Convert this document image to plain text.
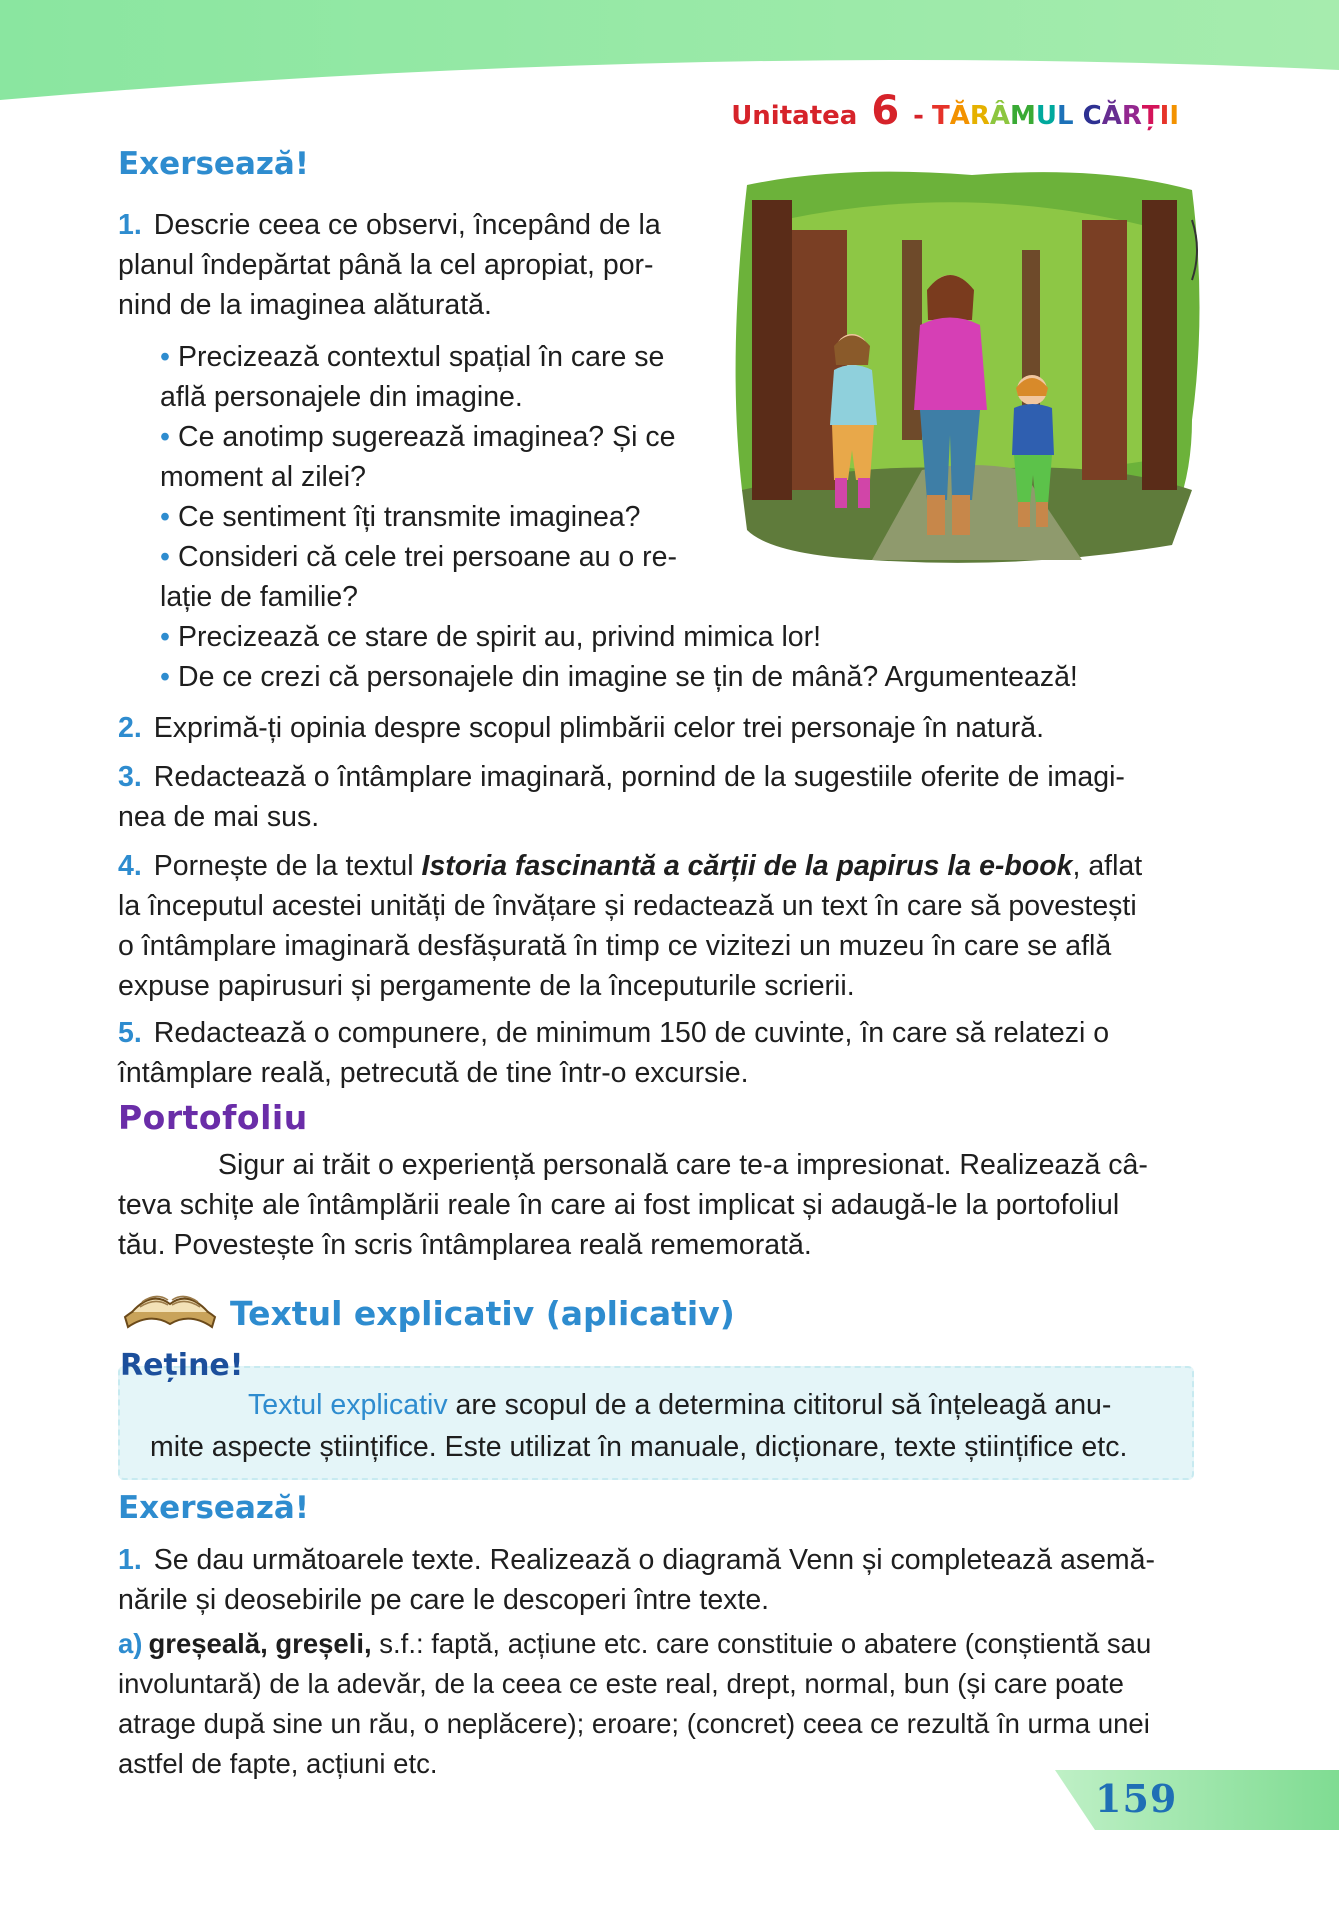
Unitatea 6 - TĂRÂMUL CĂRȚII
Exersează!
1. Descrie ceea ce observi, începând de la
planul îndepărtat până la cel apropiat, por-
nind de la imaginea alăturată.
• Precizează contextul spațial în care se
află personajele din imagine.
• Ce anotimp sugerează imaginea? Și ce
moment al zilei?
• Ce sentiment îți transmite imaginea?
• Consideri că cele trei persoane au o re-
lație de familie?
• Precizează ce stare de spirit au, privind mimica lor!
• De ce crezi că personajele din imagine se țin de mână? Argumentează!
2. Exprimă-ți opinia despre scopul plimbării celor trei personaje în natură.
3. Redactează o întâmplare imaginară, pornind de la sugestiile oferite de imagi-
nea de mai sus.
4. Pornește de la textul Istoria fascinantă a cărții de la papirus la e-book, aflat
la începutul acestei unități de învățare și redactează un text în care să povestești
o întâmplare imaginară desfășurată în timp ce vizitezi un muzeu în care se află
expuse papirusuri și pergamente de la începuturile scrierii.
5. Redactează o compunere, de minimum 150 de cuvinte, în care să relatezi o
întâmplare reală, petrecută de tine într-o excursie.
Portofoliu
Sigur ai trăit o experiență personală care te-a impresionat. Realizează câ-
teva schițe ale întâmplării reale în care ai fost implicat și adaugă-le la portofoliul
tău. Povestește în scris întâmplarea reală rememorată.
Textul explicativ (aplicativ)
Reține!
Textul explicativ are scopul de a determina cititorul să înțeleagă anu-
mite aspecte științifice. Este utilizat în manuale, dicționare, texte științifice etc.
Exersează!
1. Se dau următoarele texte. Realizează o diagramă Venn și completează asemă-
nările și deosebirile pe care le descoperi între texte.
a) greșeală, greșeli, s.f.: faptă, acțiune etc. care constituie o abatere (conștientă sau
involuntară) de la adevăr, de la ceea ce este real, drept, normal, bun (și care poate
atrage după sine un rău, o neplăcere); eroare; (concret) ceea ce rezultă în urma unei
astfel de fapte, acțiuni etc.
159
